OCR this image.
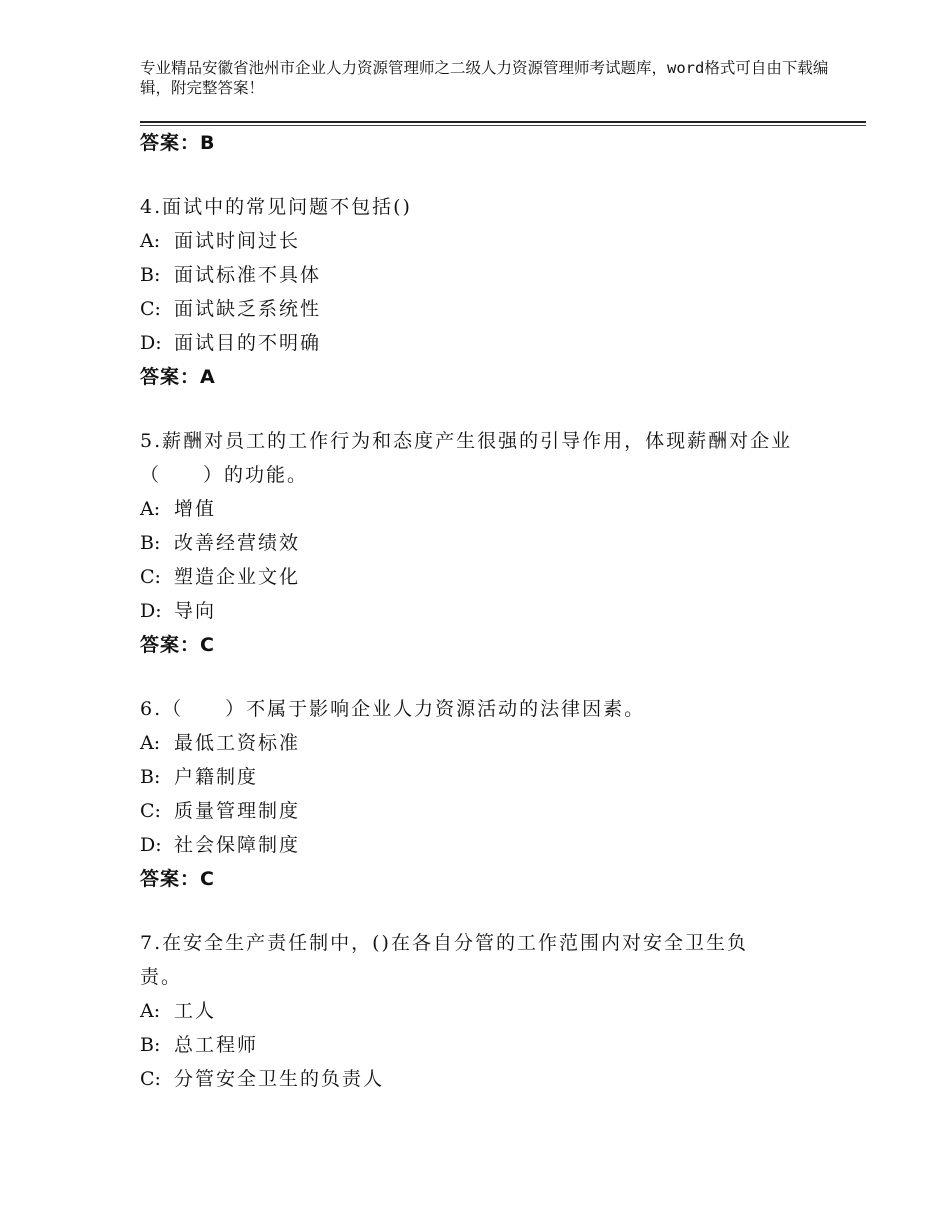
专业精品安徽省池州市企业人力资源管理师之二级人力资源管理师考试题库，word格式可自由下载编辑，附完整答案！
答案：B
4.面试中的常见问题不包括()
A: 面试时间过长
B: 面试标准不具体
C: 面试缺乏系统性
D: 面试目的不明确
答案：A
5.薪酬对员工的工作行为和态度产生很强的引导作用，体现薪酬对企业（　　）的功能。
A: 增值
B: 改善经营绩效
C: 塑造企业文化
D: 导向
答案：C
6.（　　）不属于影响企业人力资源活动的法律因素。
A: 最低工资标准
B: 户籍制度
C: 质量管理制度
D: 社会保障制度
答案：C
7.在安全生产责任制中，()在各自分管的工作范围内对安全卫生负责。
A: 工人
B: 总工程师
C: 分管安全卫生的负责人
